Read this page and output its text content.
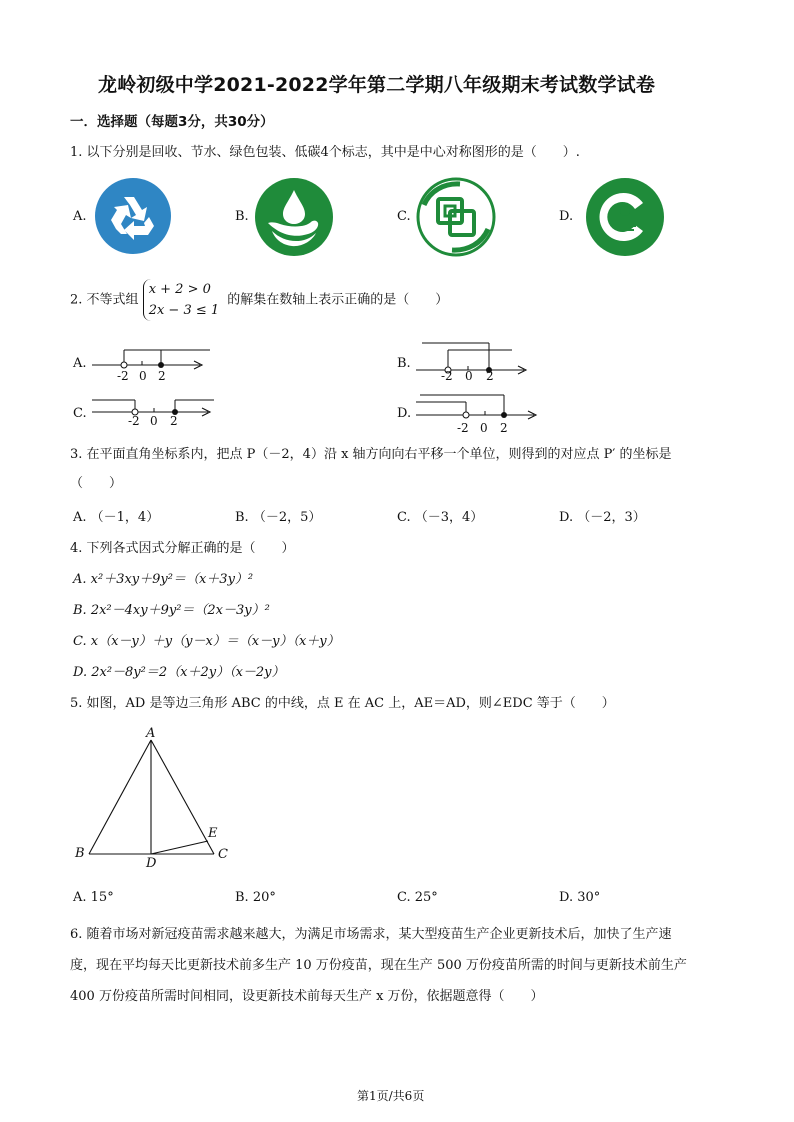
龙岭初级中学2021-2022学年第二学期八年级期末考试数学试卷
一．选择题（每题3分，共30分）
1. 以下分别是回收、节水、绿色包装、低碳4个标志，其中是中心对称图形的是（　　）.
A.	B.	C.	D.
2. 不等式组 x + 2 > 0
2x − 3 ≤ 1 的解集在数轴上表示正确的是（　　）
A.
-2 0 2
B.
-2 0 2
C.	-2 0 2	D.
-2 0 2
3. 在平面直角坐标系内，把点 P（－2，4）沿 x 轴方向向右平移一个单位，则得到的对应点 P′ 的坐标是
（　　）
A. （－1，4）	B. （－2，5）	C. （－3，4）	D. （－2，3）
4. 下列各式因式分解正确的是（　　）
A. x²＋3xy＋9y²＝（x＋3y）²
B. 2x²－4xy＋9y²＝（2x－3y）²
C. x（x－y）＋y（y－x）＝（x－y）（x＋y）
D. 2x²－8y²＝2（x＋2y）（x－2y）
5. 如图，AD 是等边三角形 ABC 的中线，点 E 在 AC 上，AE＝AD，则∠EDC 等于（　　）
A
B	C
D
E
A. 15°	B. 20°	C. 25°	D. 30°
6. 随着市场对新冠疫苗需求越来越大，为满足市场需求，某大型疫苗生产企业更新技术后，加快了生产速
度，现在平均每天比更新技术前多生产 10 万份疫苗，现在生产 500 万份疫苗所需的时间与更新技术前生产
400 万份疫苗所需时间相同，设更新技术前每天生产 x 万份，依据题意得（　　）
第1页/共6页
